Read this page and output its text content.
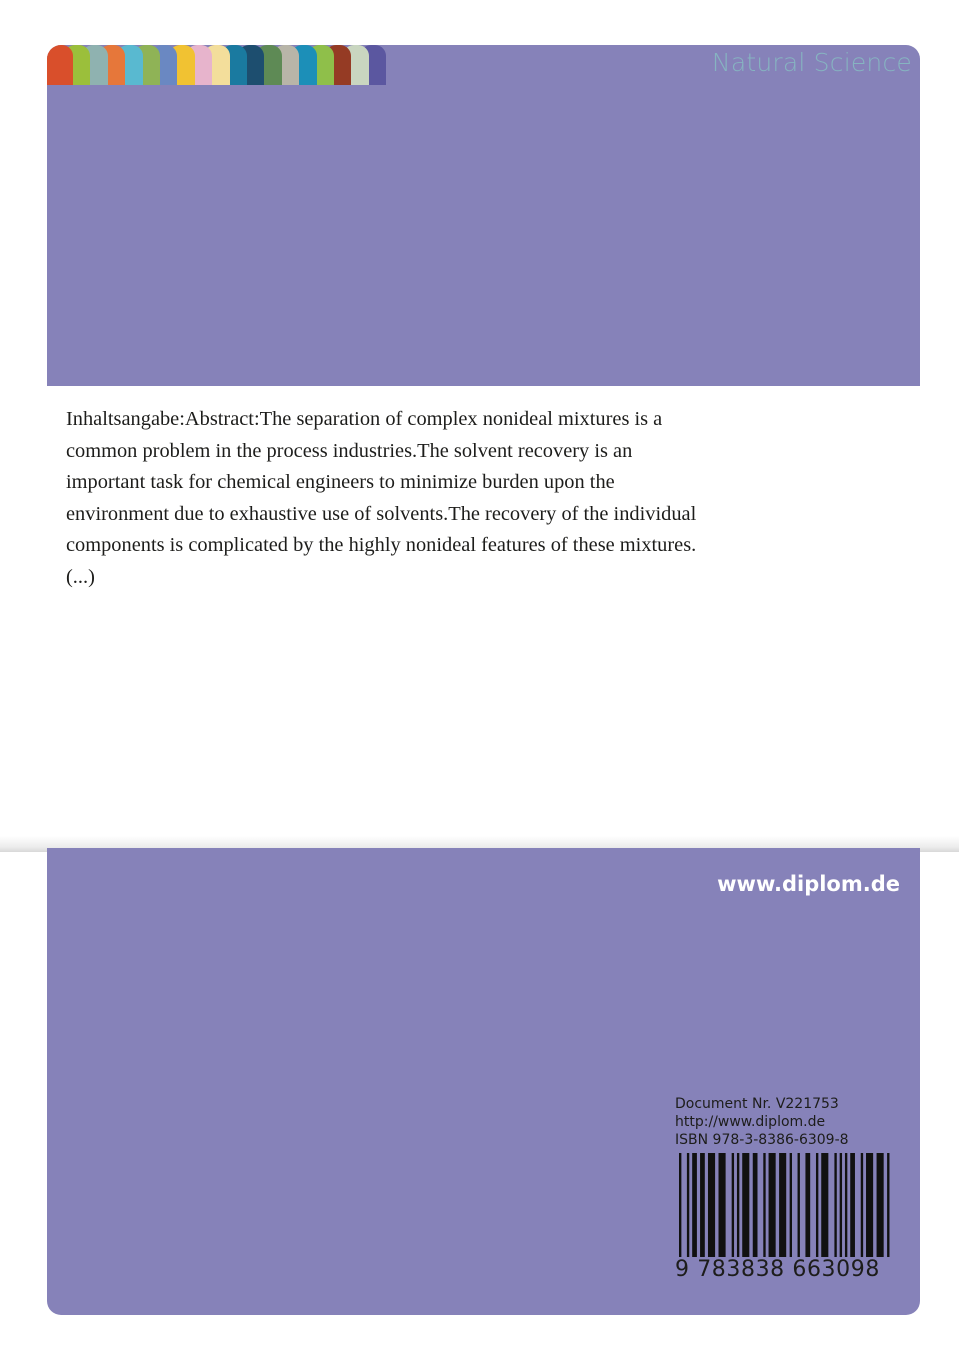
Natural Science
Inhaltsangabe:Abstract:The separation of complex nonideal mixtures is a
common problem in the process industries.The solvent recovery is an
important task for chemical engineers to minimize burden upon the
environment due to exhaustive use of solvents.The recovery of the individual
components is complicated by the highly nonideal features of these mixtures.
(...)
www.diplom.de
Document Nr. V221753
http://www.diplom.de
ISBN 978-3-8386-6309-8
9 783838 663098
